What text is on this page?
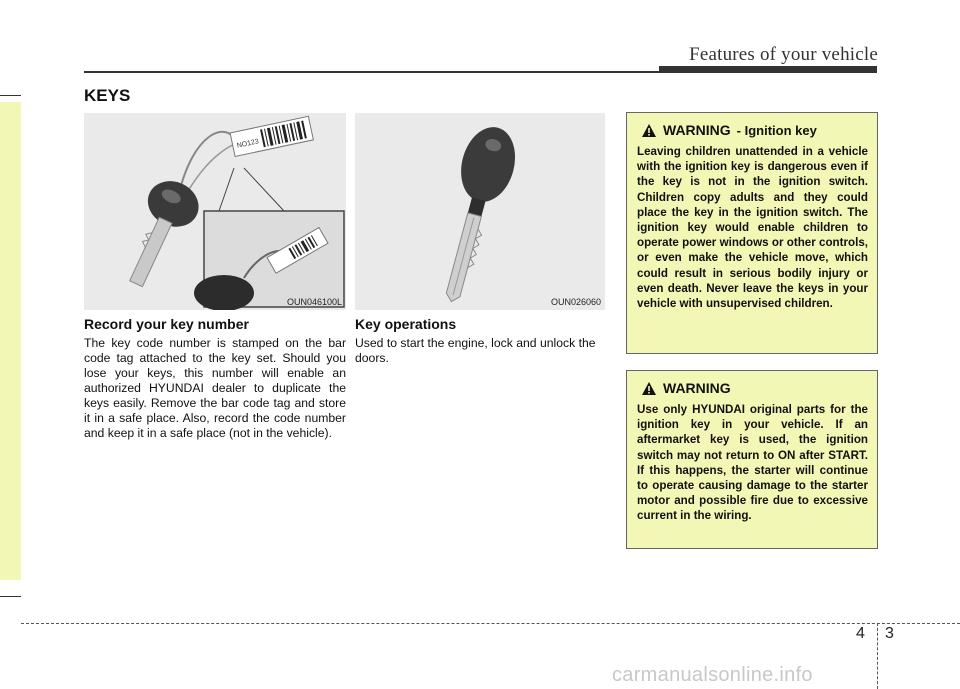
Features of your vehicle
KEYS
NO123
OUN046100L	OUN026060
Record your key number
The key code number is stamped on the bar code tag attached to the key set. Should you lose your keys, this number will enable an authorized HYUNDAI dealer to duplicate the keys easily. Remove the bar code tag and store it in a safe place. Also, record the code number and keep it in a safe place (not in the vehicle).
Key operations
Used to start the engine, lock and unlock the doors.
WARNING - Ignition key
Leaving children unattended in a vehicle with the ignition key is dangerous even if the key is not in the ignition switch. Children copy adults and they could place the key in the ignition switch. The ignition key would enable children to operate power windows or other controls, or even make the vehicle move, which could result in serious bodily injury or even death. Never leave the keys in your vehicle with unsupervised children.
WARNING
Use only HYUNDAI original parts for the ignition key in your vehicle. If an aftermarket key is used, the ignition switch may not return to ON after START. If this happens, the starter will continue to operate causing damage to the starter motor and possible fire due to excessive current in the wiring.
4 3
carmanualsonline.info
